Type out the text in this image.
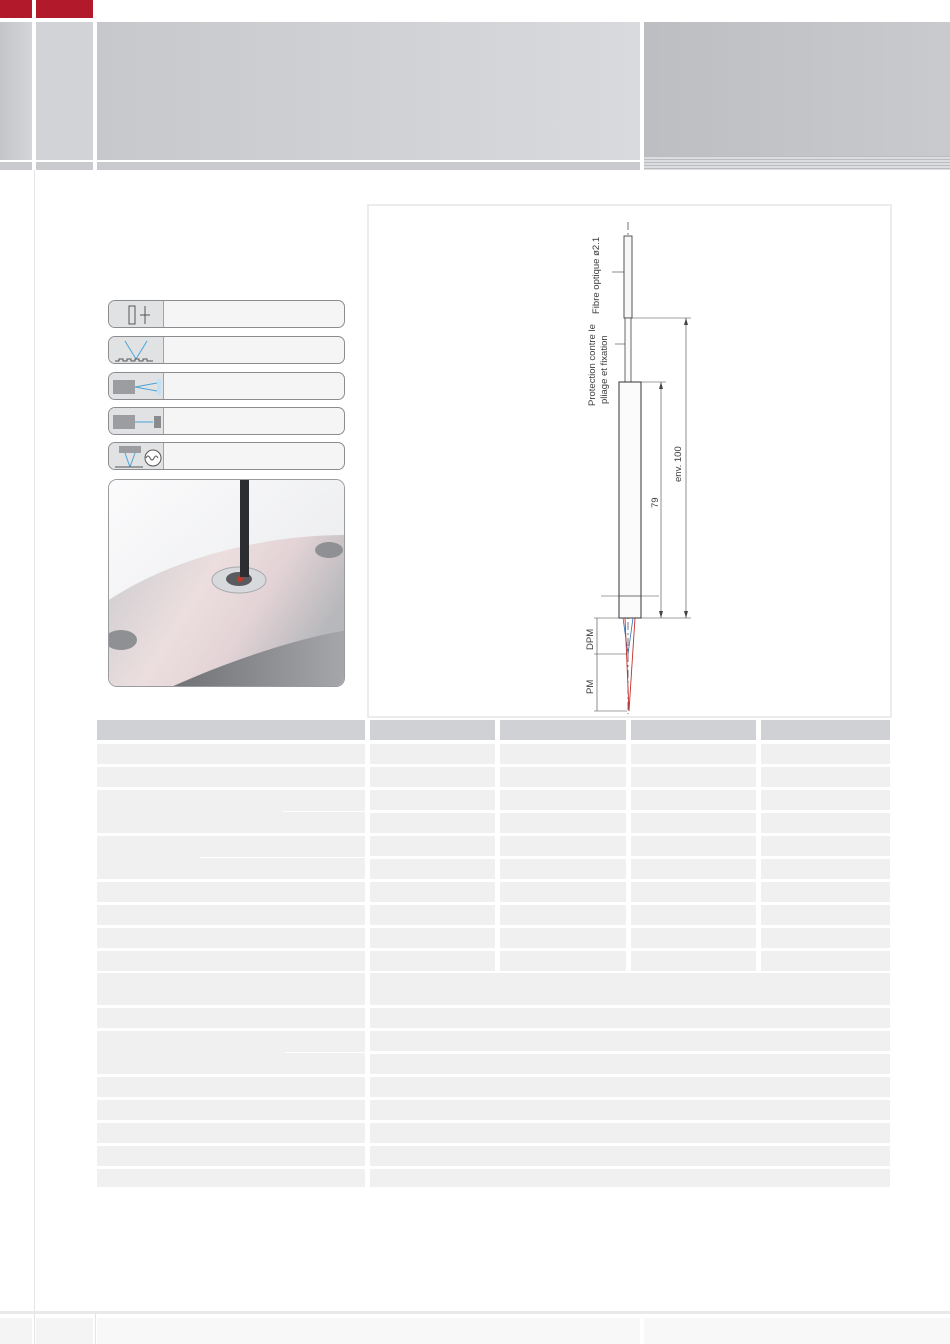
Fibre optique ø2.1
Protection contre le pliage et fixation
env. 100
79
DPM
PM
